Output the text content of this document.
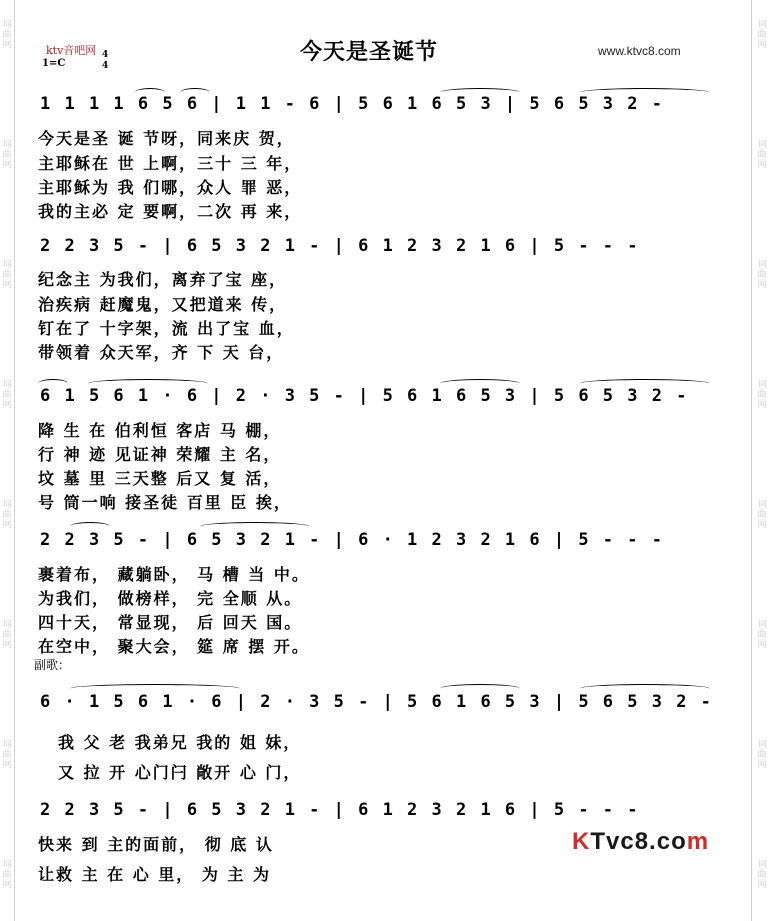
词曲网
词曲网
词曲网
词曲网
词曲网
词曲网
词曲网
词曲网
词曲网
词曲网
词曲网
词曲网
词曲网
词曲网
词曲网
词曲网
ktv音吧网
1=C
4
4
今天是圣诞节	www.ktvc8.com
1 1 1 1 6 5 6 | 1 1 - 6 | 5 6 1 6 5 3 | 5 6 5 3 2 -
今天是圣 诞 节呀，同来庆 贺，
主耶稣在 世 上啊，三十 三 年，
主耶稣为 我 们哪，众人 罪 恶，
我的主必 定 要啊，二次 再 来，
2 2 3 5 - | 6 5 3 2 1 - | 6 1 2 3 2 1 6 | 5 - - -
纪念主 为我们，离弃了宝 座，
治疾病 赶魔鬼，又把道来 传，
钉在了 十字架，流 出了宝 血，
带领着 众天军，齐 下 天 台，
6 1 5 6 1 · 6 | 2 · 3 5 - | 5 6 1 6 5 3 | 5 6 5 3 2 -
降 生 在 伯利恒 客店 马 棚，
行 神 迹 见证神 荣耀 主 名，
坟 墓 里 三天整 后又 复 活，
号 筒一响 接圣徒 百里 臣 挨，
2 2 3 5 - | 6 5 3 2 1 - | 6 · 1 2 3 2 1 6 | 5 - - -
裹着布， 藏躺卧， 马 槽 当 中。
为我们， 做榜样， 完 全顺 从。
四十天， 常显现， 后 回天 国。
在空中， 聚大会， 筵 席 摆 开。
副歌：
6 · 1 5 6 1 · 6 | 2 · 3 5 - | 5 6 1 6 5 3 | 5 6 5 3 2 -
我 父 老 我弟兄 我的 姐 妹，
又 拉 开 心门闩 敞开 心 门，
2 2 3 5 - | 6 5 3 2 1 - | 6 1 2 3 2 1 6 | 5 - - -
快来 到 主的面前， 彻 底 认
让救 主 在 心 里， 为 主 为
KTvc8.com
